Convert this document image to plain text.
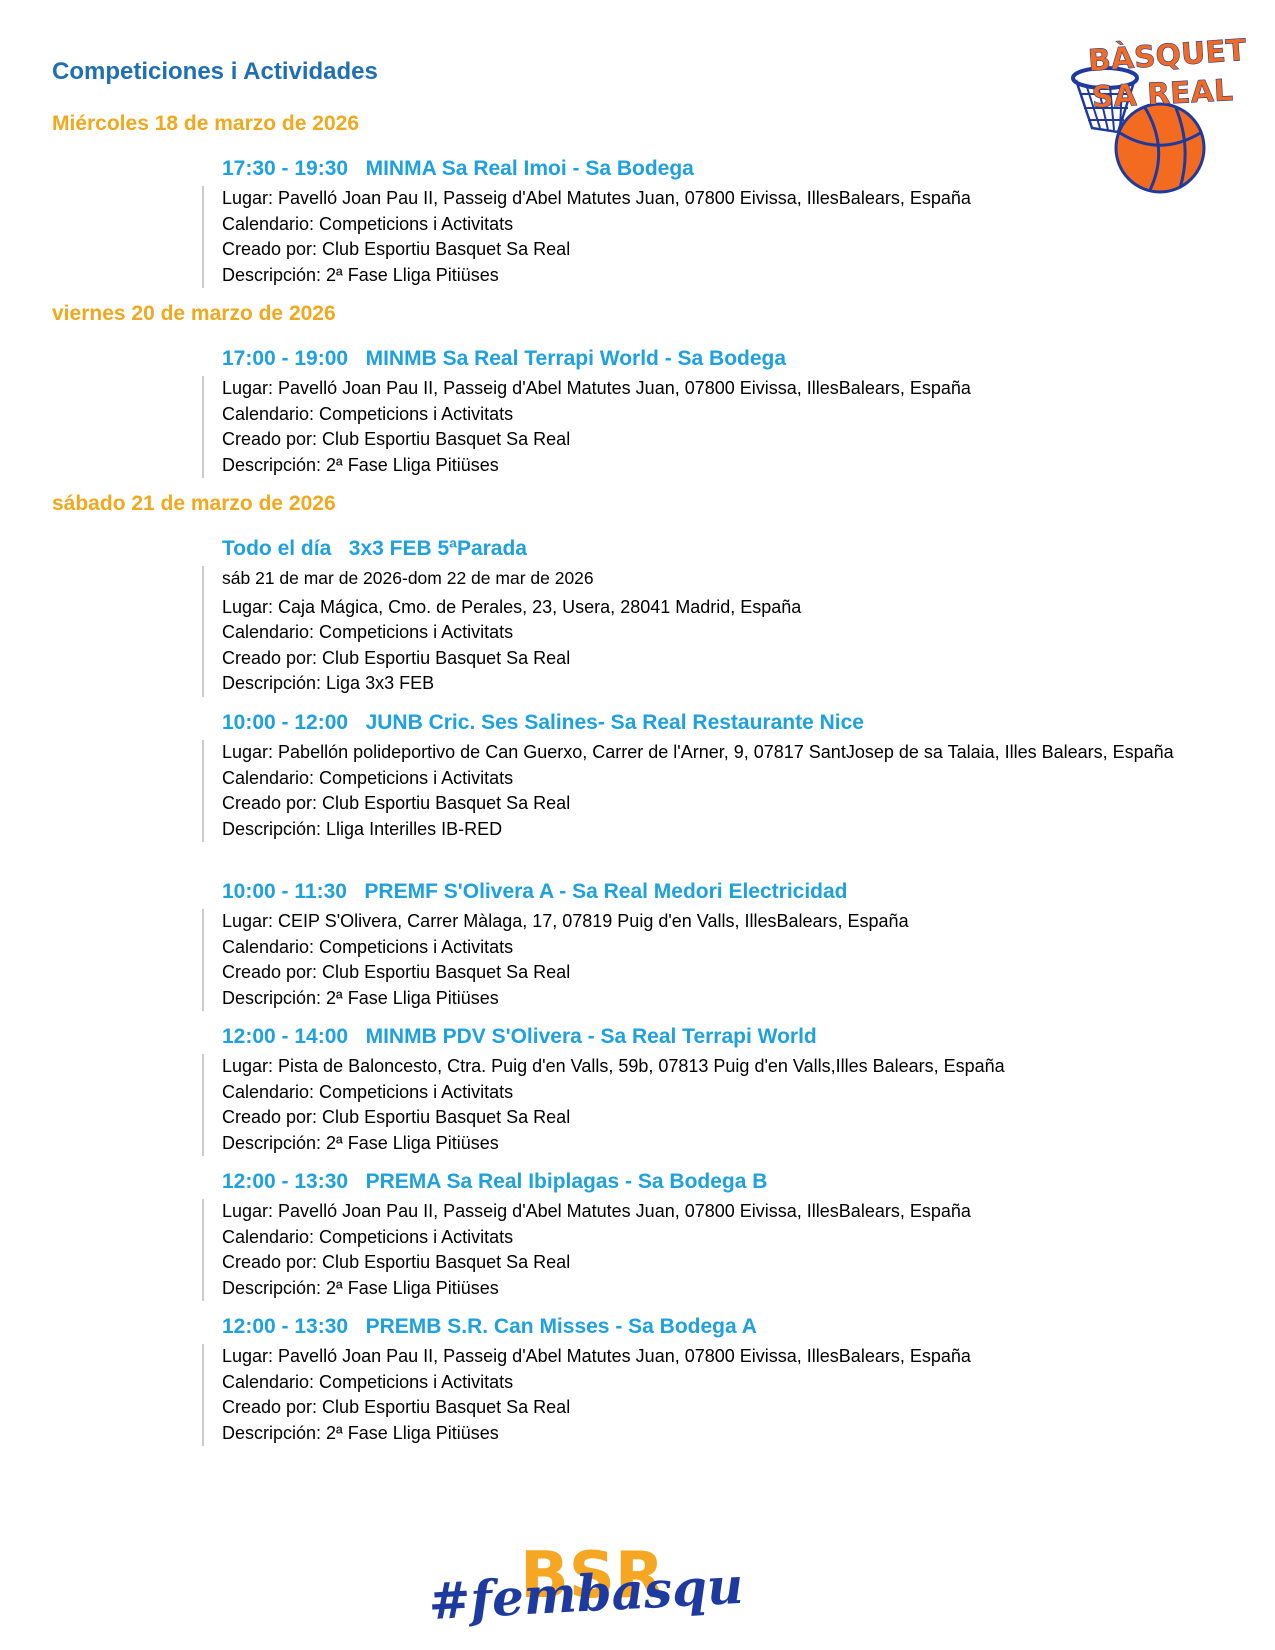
Competiciones i Actividades	BÀSQUET
SA REAL
Miércoles 18 de marzo de 2026
17:30 - 19:30   MINMA Sa Real Imoi - Sa Bodega
Lugar: Pavelló Joan Pau II, Passeig d'Abel Matutes Juan, 07800 Eivissa, IllesBalears, España
Calendario: Competicions i Activitats
Creado por: Club Esportiu Basquet Sa Real
Descripción: 2ª Fase Lliga Pitiüses
viernes 20 de marzo de 2026
17:00 - 19:00   MINMB Sa Real Terrapi World - Sa Bodega
Lugar: Pavelló Joan Pau II, Passeig d'Abel Matutes Juan, 07800 Eivissa, IllesBalears, España
Calendario: Competicions i Activitats
Creado por: Club Esportiu Basquet Sa Real
Descripción: 2ª Fase Lliga Pitiüses
sábado 21 de marzo de 2026
Todo el día   3x3 FEB 5ªParada
sáb 21 de mar de 2026-dom 22 de mar de 2026
Lugar: Caja Mágica, Cmo. de Perales, 23, Usera, 28041 Madrid, España
Calendario: Competicions i Activitats
Creado por: Club Esportiu Basquet Sa Real
Descripción: Liga 3x3 FEB
10:00 - 12:00   JUNB Cric. Ses Salines- Sa Real Restaurante Nice
Lugar: Pabellón polideportivo de Can Guerxo, Carrer de l'Arner, 9, 07817 SantJosep de sa Talaia, Illes Balears, España
Calendario: Competicions i Activitats
Creado por: Club Esportiu Basquet Sa Real
Descripción: Lliga Interilles IB-RED
10:00 - 11:30   PREMF S'Olivera A - Sa Real Medori Electricidad
Lugar: CEIP S'Olivera, Carrer Màlaga, 17, 07819 Puig d'en Valls, IllesBalears, España
Calendario: Competicions i Activitats
Creado por: Club Esportiu Basquet Sa Real
Descripción: 2ª Fase Lliga Pitiüses
12:00 - 14:00   MINMB PDV S'Olivera - Sa Real Terrapi World
Lugar: Pista de Baloncesto, Ctra. Puig d'en Valls, 59b, 07813 Puig d'en Valls,Illes Balears, España
Calendario: Competicions i Activitats
Creado por: Club Esportiu Basquet Sa Real
Descripción: 2ª Fase Lliga Pitiüses
12:00 - 13:30   PREMA Sa Real Ibiplagas - Sa Bodega B
Lugar: Pavelló Joan Pau II, Passeig d'Abel Matutes Juan, 07800 Eivissa, IllesBalears, España
Calendario: Competicions i Activitats
Creado por: Club Esportiu Basquet Sa Real
Descripción: 2ª Fase Lliga Pitiüses
12:00 - 13:30   PREMB S.R. Can Misses - Sa Bodega A
Lugar: Pavelló Joan Pau II, Passeig d'Abel Matutes Juan, 07800 Eivissa, IllesBalears, España
Calendario: Competicions i Activitats
Creado por: Club Esportiu Basquet Sa Real
Descripción: 2ª Fase Lliga Pitiüses
BSR
#fembasquet
